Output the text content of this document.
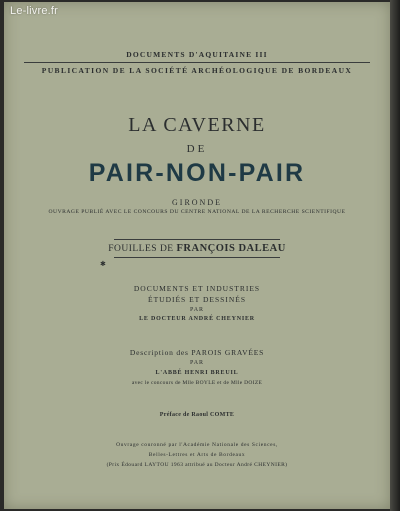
Le-livre.fr
DOCUMENTS D'AQUITAINE III
PUBLICATION DE LA SOCIÉTÉ ARCHÉOLOGIQUE DE BORDEAUX
LA CAVERNE
DE
PAIR-NON-PAIR
GIRONDE
OUVRAGE PUBLIÉ AVEC LE CONCOURS DU CENTRE NATIONAL DE LA RECHERCHE SCIENTIFIQUE
FOUILLES DE FRANÇOIS DALEAU
✱
DOCUMENTS ET INDUSTRIES
ÉTUDIÉS ET DESSINÉS
PAR
LE DOCTEUR ANDRÉ CHEYNIER
Description des PAROIS GRAVÉES
PAR
L'ABBÉ HENRI BREUIL
avec le concours de Mlle BOYLE et de Mlle DOIZE
Préface de Raoul COMTE
Ouvrage couronné par l'Académie Nationale des Sciences,
Belles-Lettres et Arts de Bordeaux
(Prix Édouard LAYTOU 1963 attribué au Docteur André CHEYNIER)
